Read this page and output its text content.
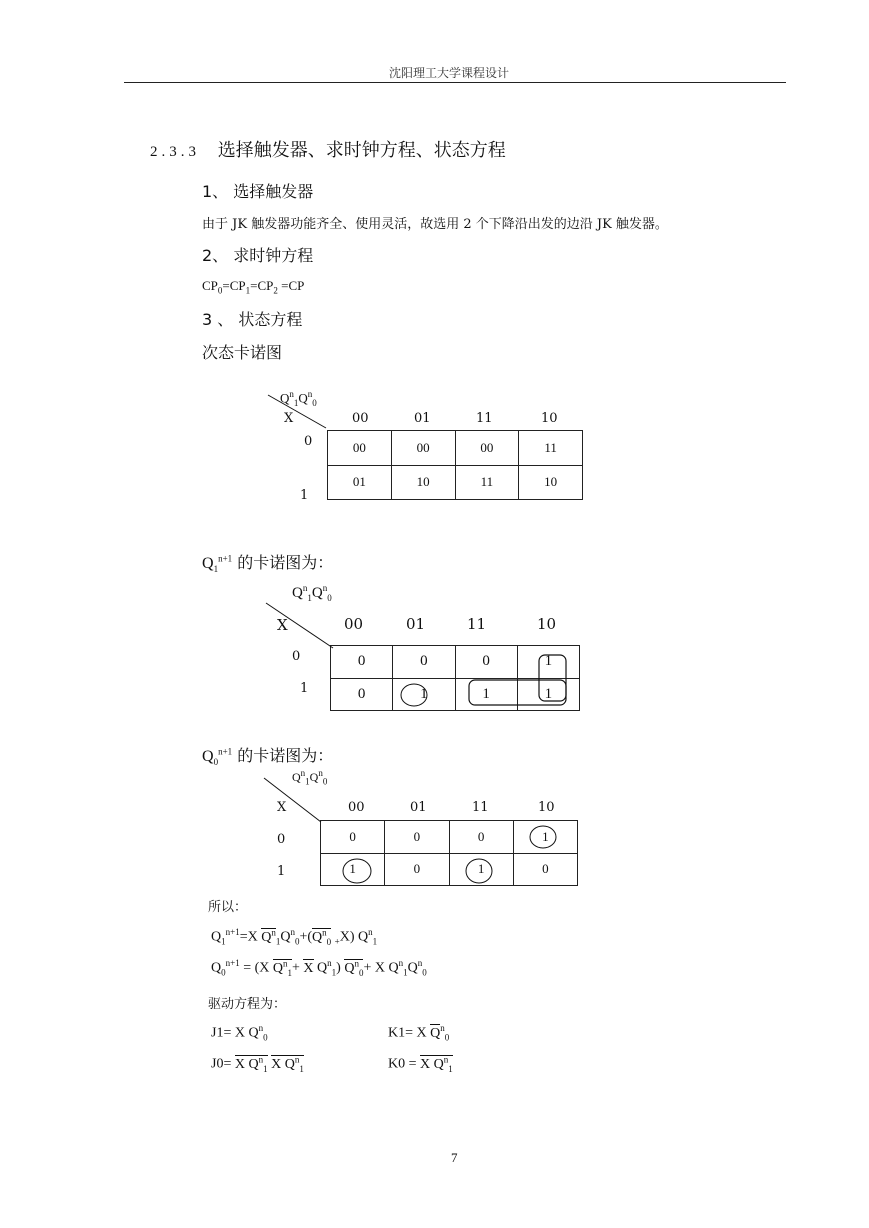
沈阳理工大学课程设计
2.3.3 选择触发器、求时钟方程、状态方程
1、 选择触发器
由于 JK 触发器功能齐全、使用灵活，故选用 2 个下降沿出发的边沿 JK 触发器。
2、 求时钟方程
$CP_0=CP_1=CP_2 =CP$
3 、 状态方程
次态卡诺图
$Q^n_1Q^n_0$
X	00	01	11	10
0
1
00	00	00	11
01	10	11	10
$Q_1^{n+1}$ 的卡诺图为：
$Q^n_1Q^n_0$
X	00	01	11	10
0
1
0	0	0	1
0	1	1	1
$Q_0^{n+1}$ 的卡诺图为：
$Q^n_1Q^n_0$
X	00	01	11	10
0
1
0	0	0	1
1	0	1	0
所以：
$Q_1^{n+1}=X$ $Q^n_1Q^n_0+(Q^n_0$ $_+$X) $Q^n_1$
$Q_0^{n+1} = (X$ $Q^n_1+ X$ $Q^n_1$) $Q^n_0+ X$ $Q^n_1Q^n_0$
驱动方程为：
J1= X $Q^n_0$	K1= X $Q^n_0$
J0= X $Q^n_1$ X $Q^n_1$	K0 = X $Q^n_1$
7
